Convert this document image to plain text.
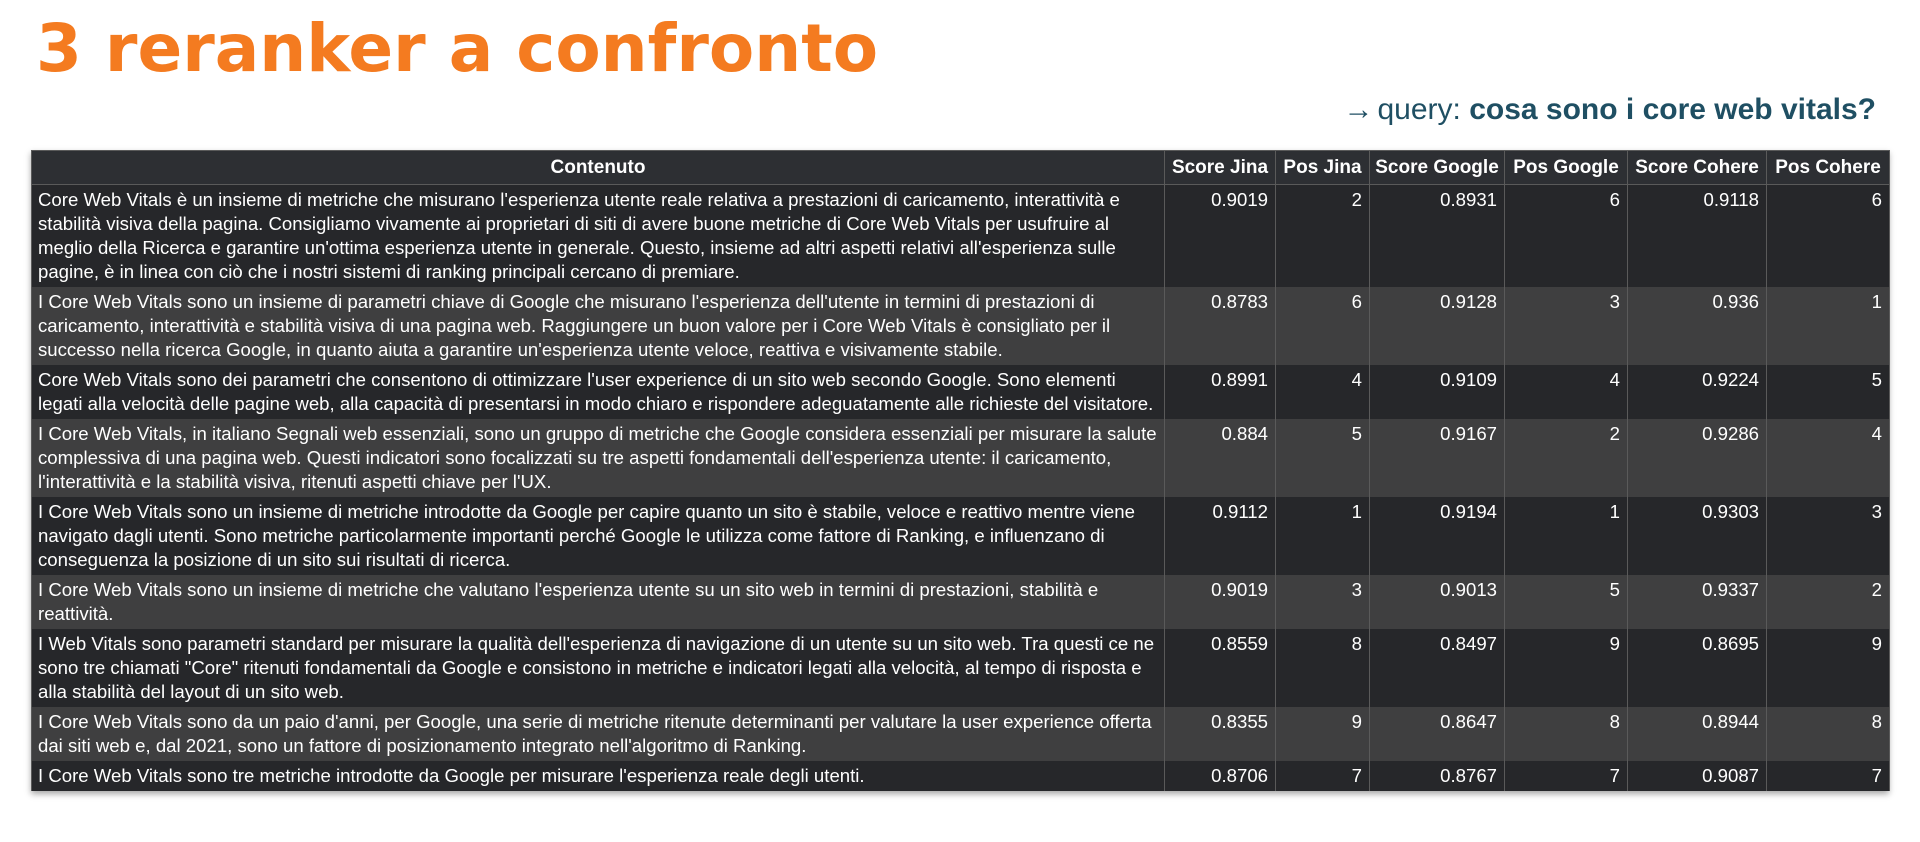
3 reranker a confronto
→ query: cosa sono i core web vitals?
Contenuto	Score Jina	Pos Jina	Score Google	Pos Google	Score Cohere	Pos Cohere
Core Web Vitals è un insieme di metriche che misurano l'esperienza utente reale relativa a prestazioni di caricamento, interattività e stabilità visiva della pagina. Consigliamo vivamente ai proprietari di siti di avere buone metriche di Core Web Vitals per usufruire al meglio della Ricerca e garantire un'ottima esperienza utente in generale. Questo, insieme ad altri aspetti relativi all'esperienza sulle pagine, è in linea con ciò che i nostri sistemi di ranking principali cercano di premiare.	0.9019	2	0.8931	6	0.9118	6
I Core Web Vitals sono un insieme di parametri chiave di Google che misurano l'esperienza dell'utente in termini di prestazioni di caricamento, interattività e stabilità visiva di una pagina web. Raggiungere un buon valore per i Core Web Vitals è consigliato per il successo nella ricerca Google, in quanto aiuta a garantire un'esperienza utente veloce, reattiva e visivamente stabile.	0.8783	6	0.9128	3	0.936	1
Core Web Vitals sono dei parametri che consentono di ottimizzare l'user experience di un sito web secondo Google. Sono elementi legati alla velocità delle pagine web, alla capacità di presentarsi in modo chiaro e rispondere adeguatamente alle richieste del visitatore.	0.8991	4	0.9109	4	0.9224	5
I Core Web Vitals, in italiano Segnali web essenziali, sono un gruppo di metriche che Google considera essenziali per misurare la salute complessiva di una pagina web. Questi indicatori sono focalizzati su tre aspetti fondamentali dell'esperienza utente: il caricamento, l'interattività e la stabilità visiva, ritenuti aspetti chiave per l'UX.	0.884	5	0.9167	2	0.9286	4
I Core Web Vitals sono un insieme di metriche introdotte da Google per capire quanto un sito è stabile, veloce e reattivo mentre viene navigato dagli utenti. Sono metriche particolarmente importanti perché Google le utilizza come fattore di Ranking, e influenzano di conseguenza la posizione di un sito sui risultati di ricerca.	0.9112	1	0.9194	1	0.9303	3
I Core Web Vitals sono un insieme di metriche che valutano l'esperienza utente su un sito web in termini di prestazioni, stabilità e reattività.	0.9019	3	0.9013	5	0.9337	2
I Web Vitals sono parametri standard per misurare la qualità dell'esperienza di navigazione di un utente su un sito web. Tra questi ce ne sono tre chiamati "Core" ritenuti fondamentali da Google e consistono in metriche e indicatori legati alla velocità, al tempo di risposta e alla stabilità del layout di un sito web.	0.8559	8	0.8497	9	0.8695	9
I Core Web Vitals sono da un paio d'anni, per Google, una serie di metriche ritenute determinanti per valutare la user experience offerta dai siti web e, dal 2021, sono un fattore di posizionamento integrato nell'algoritmo di Ranking.	0.8355	9	0.8647	8	0.8944	8
I Core Web Vitals sono tre metriche introdotte da Google per misurare l'esperienza reale degli utenti.	0.8706	7	0.8767	7	0.9087	7
